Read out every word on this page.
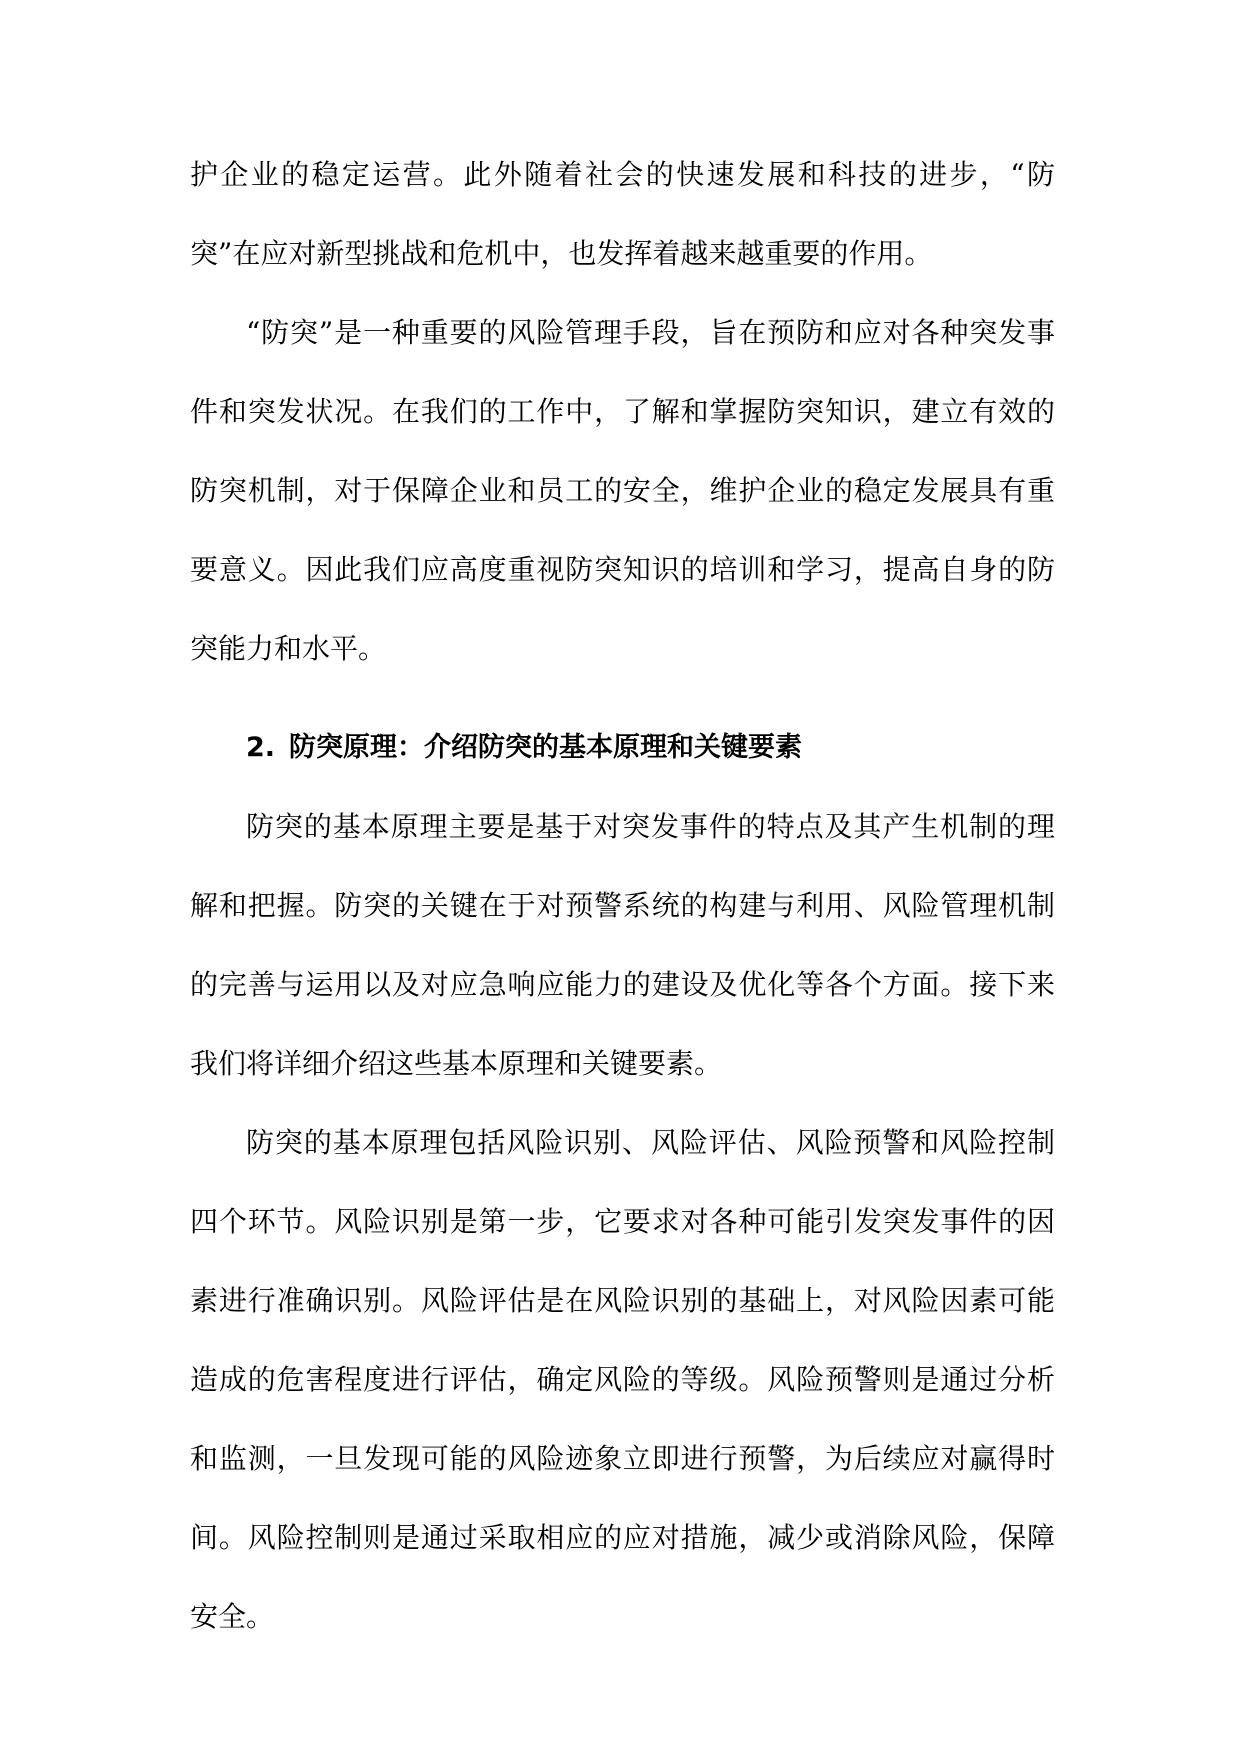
护企业的稳定运营。此外随着社会的快速发展和科技的进步，“防突”在应对新型挑战和危机中，也发挥着越来越重要的作用。

“防突”是一种重要的风险管理手段，旨在预防和应对各种突发事件和突发状况。在我们的工作中，了解和掌握防突知识，建立有效的防突机制，对于保障企业和员工的安全，维护企业的稳定发展具有重要意义。因此我们应高度重视防突知识的培训和学习，提高自身的防突能力和水平。

2. 防突原理：介绍防突的基本原理和关键要素

防突的基本原理主要是基于对突发事件的特点及其产生机制的理解和把握。防突的关键在于对预警系统的构建与利用、风险管理机制的完善与运用以及对应急响应能力的建设及优化等各个方面。接下来我们将详细介绍这些基本原理和关键要素。

防突的基本原理包括风险识别、风险评估、风险预警和风险控制四个环节。风险识别是第一步，它要求对各种可能引发突发事件的因素进行准确识别。风险评估是在风险识别的基础上，对风险因素可能造成的危害程度进行评估，确定风险的等级。风险预警则是通过分析和监测，一旦发现可能的风险迹象立即进行预警，为后续应对赢得时间。风险控制则是通过采取相应的应对措施，减少或消除风险，保障安全。
